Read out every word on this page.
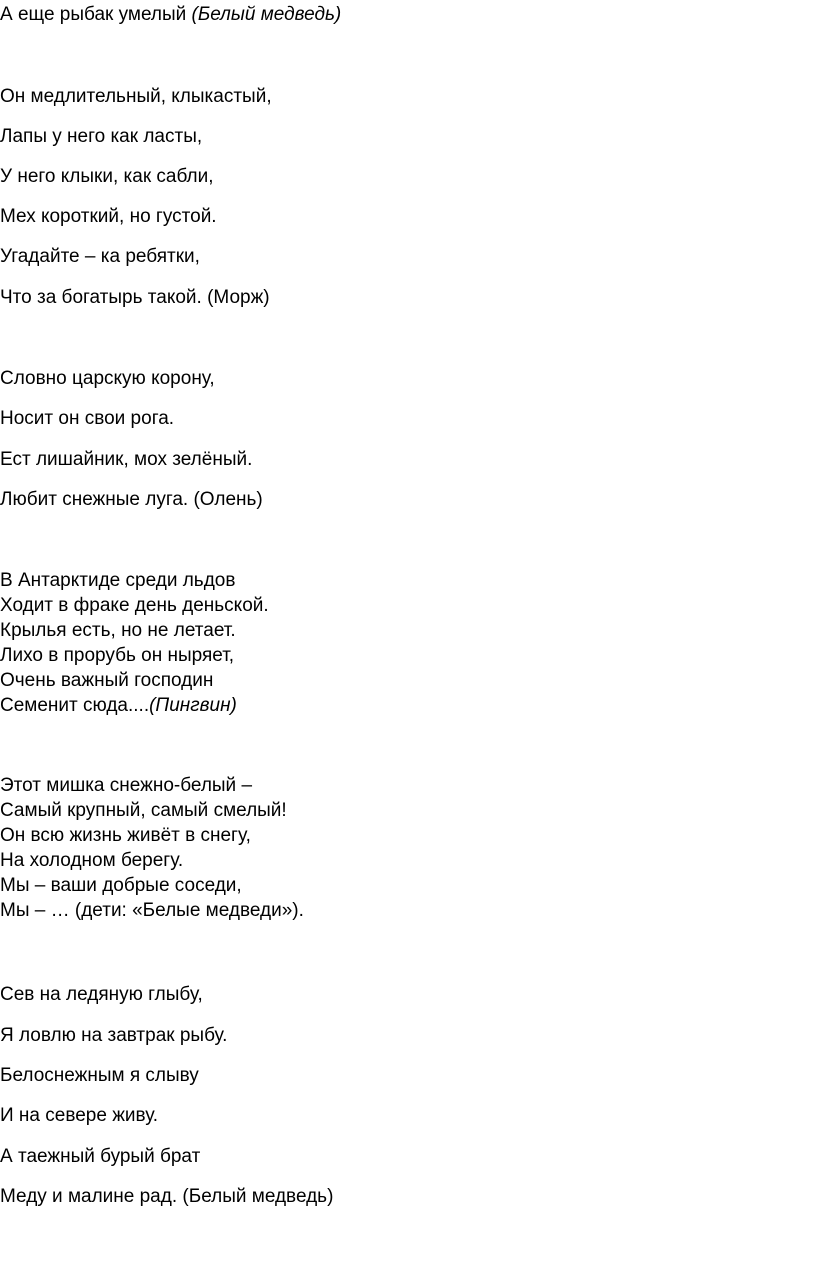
А еще рыбак умелый (Белый медведь)

Он медлительный, клыкастый,

Лапы у него как ласты,

У него клыки, как сабли,

Мех короткий, но густой.

Угадайте – ка ребятки,

Что за богатырь такой. (Морж)

Словно царскую корону,

Носит он свои рога.

Ест лишайник, мох зелёный.

Любит снежные луга. (Олень)

В Антарктиде среди льдов

Ходит в фраке день деньской.

Крылья есть, но не летает.

Лихо в прорубь он ныряет,

Очень важный господин

Семенит сюда....(Пингвин)

Этот мишка снежно-белый –

Самый крупный, самый смелый!

Он всю жизнь живёт в снегу,

На холодном берегу.

Мы – ваши добрые соседи,

Мы – … (дети: «Белые медведи»).

Сев на ледяную глыбу,

Я ловлю на завтрак рыбу.

Белоснежным я слыву

И на севере живу.

А таежный бурый брат

Меду и малине рад. (Белый медведь)
